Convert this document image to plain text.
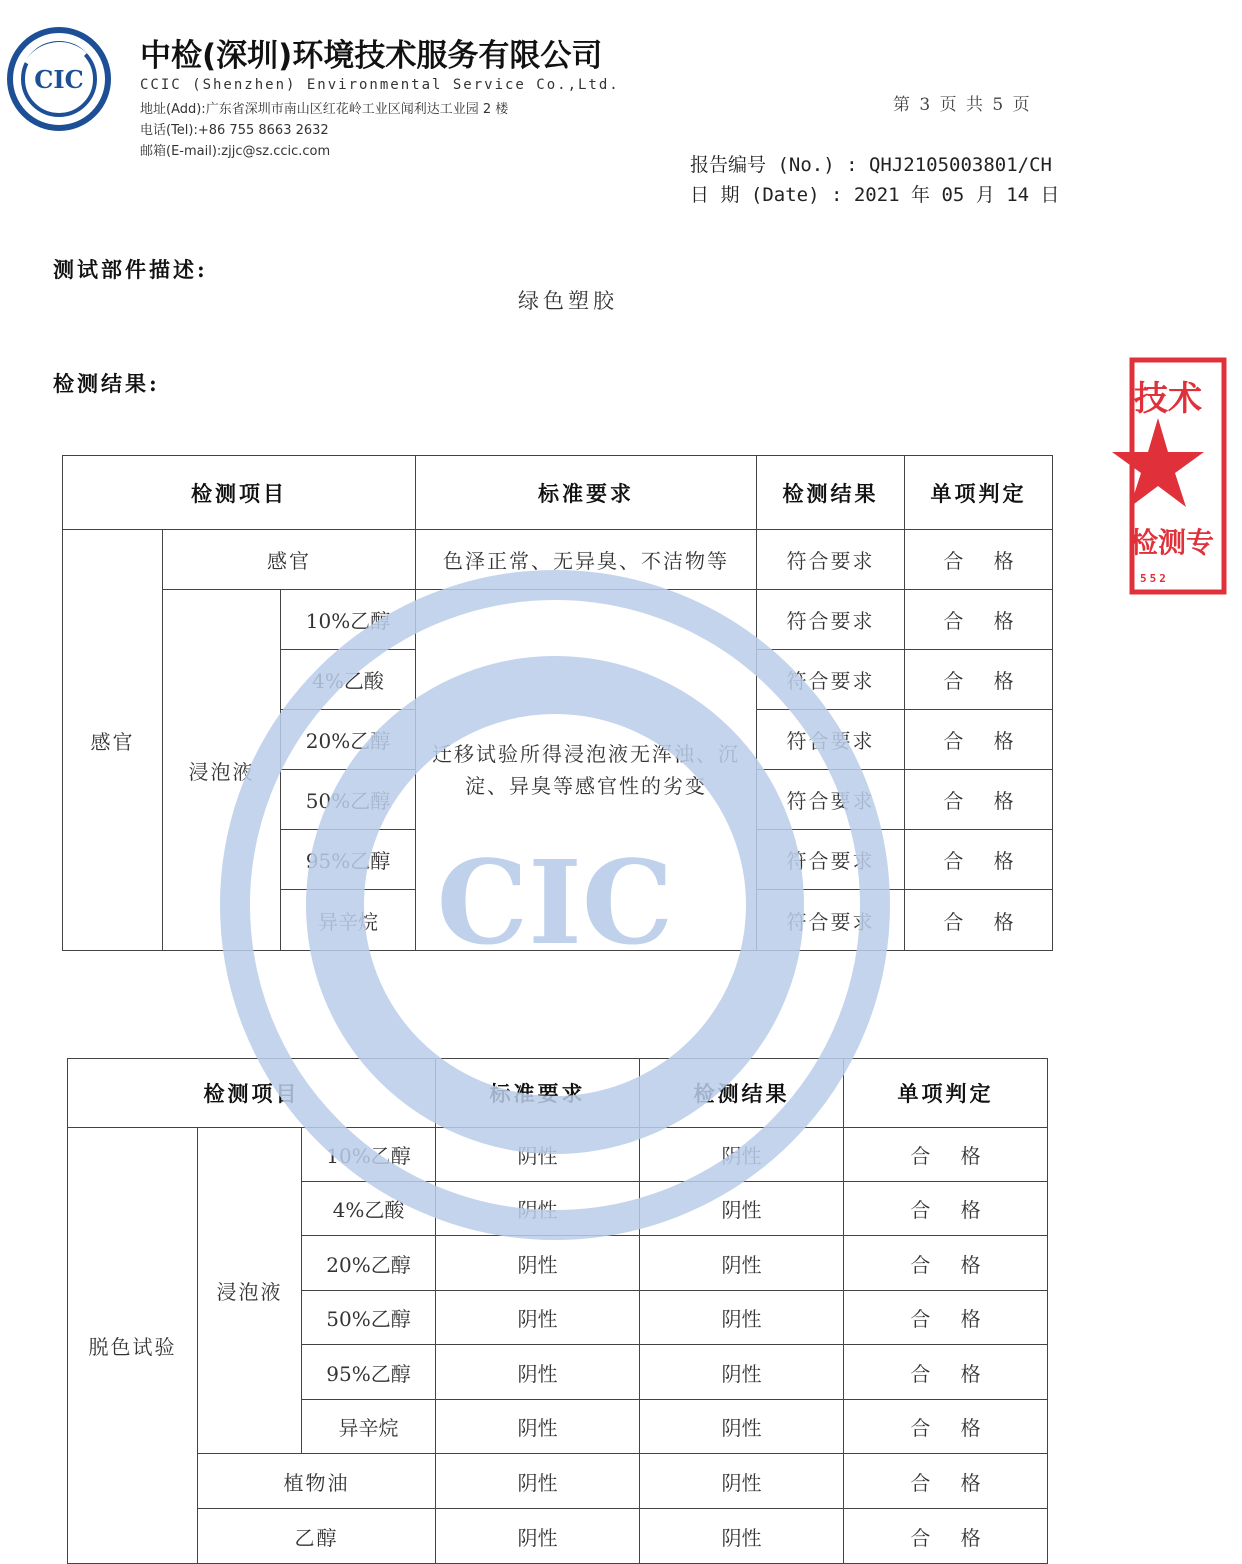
CIC
中检(深圳)环境技术服务有限公司
CCIC (Shenzhen) Environmental Service Co.,Ltd.
地址(Add):广东省深圳市南山区红花岭工业区闻利达工业园 2 楼
电话(Tel):+86 755 8663 2632
邮箱(E-mail):zjjc@sz.ccic.com
第 3 页 共 5 页
报告编号 (No.) : QHJ2105003801/CH
日 期 (Date) : 2021 年 05 月 14 日
测试部件描述:
绿色塑胶
检测结果:
检测项目			标准要求	检测结果	单项判定
感官	感官		色泽正常、无异臭、不洁物等	符合要求	合 格
	浸泡液	10%乙醇	迁移试验所得浸泡液无浑浊、沉淀、异臭等感官性的劣变	符合要求	合 格
		4%乙酸		符合要求	合 格
		20%乙醇		符合要求	合 格
		50%乙醇		符合要求	合 格
		95%乙醇		符合要求	合 格
		异辛烷		符合要求	合 格
检测项目			标准要求	检测结果	单项判定
脱色试验	浸泡液	10%乙醇	阴性	阴性	合 格
		4%乙酸	阴性	阴性	合 格
		20%乙醇	阴性	阴性	合 格
		50%乙醇	阴性	阴性	合 格
		95%乙醇	阴性	阴性	合 格
		异辛烷	阴性	阴性	合 格
	植物油		阴性	阴性	合 格
	乙醇		阴性	阴性	合 格
CIC
技术
检测专
552
